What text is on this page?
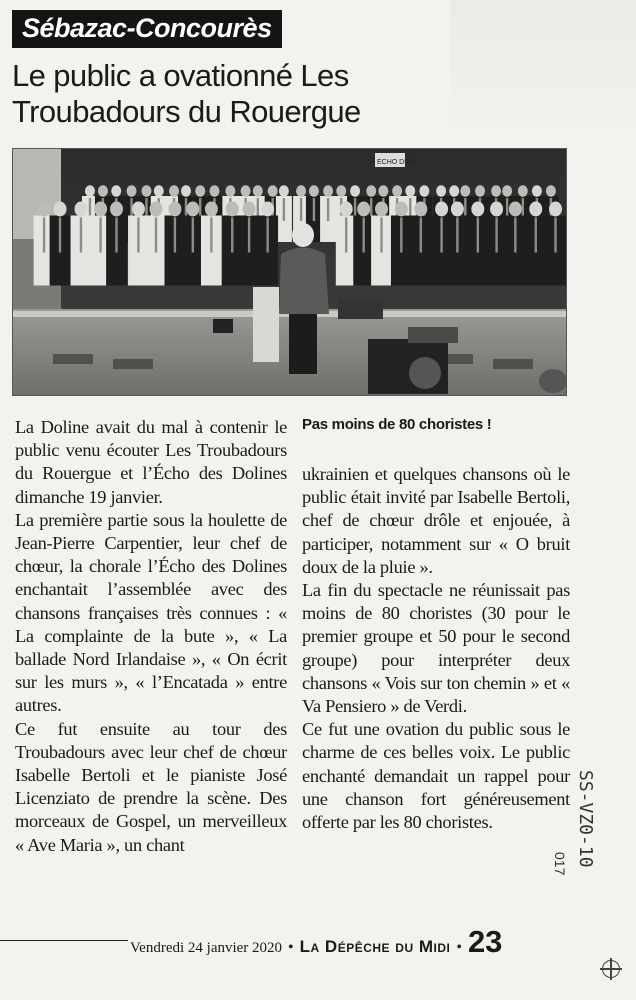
Sébazac-Concourès
Le public a ovationné Les Troubadours du Rouergue
ECHO DES

La Doline avait du mal à contenir le public venu écouter Les Troubadours du Rouergue et l’Écho des Dolines dimanche 19 janvier.

La première partie sous la houlette de Jean-Pierre Carpentier, leur chef de chœur, la chorale l’Écho des Dolines enchantait l’assemblée avec des chansons françaises très connues : « La complainte de la bute », « La ballade Nord Irlandaise », « On écrit sur les murs », « l’Encatada » entre autres.

Ce fut ensuite au tour des Troubadours avec leur chef de chœur Isabelle Bertoli et le pianiste José Licenziato de prendre la scène. Des morceaux de Gospel, un merveilleux « Ave Maria », un chant

Pas moins de 80 choristes !

ukrainien et quelques chansons où le public était invité par Isabelle Bertoli, chef de chœur drôle et enjouée, à participer, notamment sur « O bruit doux de la pluie ».

La fin du spectacle ne réunissait pas moins de 80 choristes (30 pour le premier groupe et 50 pour le second groupe) pour interpréter deux chansons « Vois sur ton chemin » et « Va Pensiero » de Verdi.

Ce fut une ovation du public sous le charme de ces belles voix. Le public enchanté demandait un rappel pour une chanson fort généreusement offerte par les 80 choristes.	SS-VZ0-10
017
Vendredi 24 janvier 2020 • La Dépêche du Midi • 23
